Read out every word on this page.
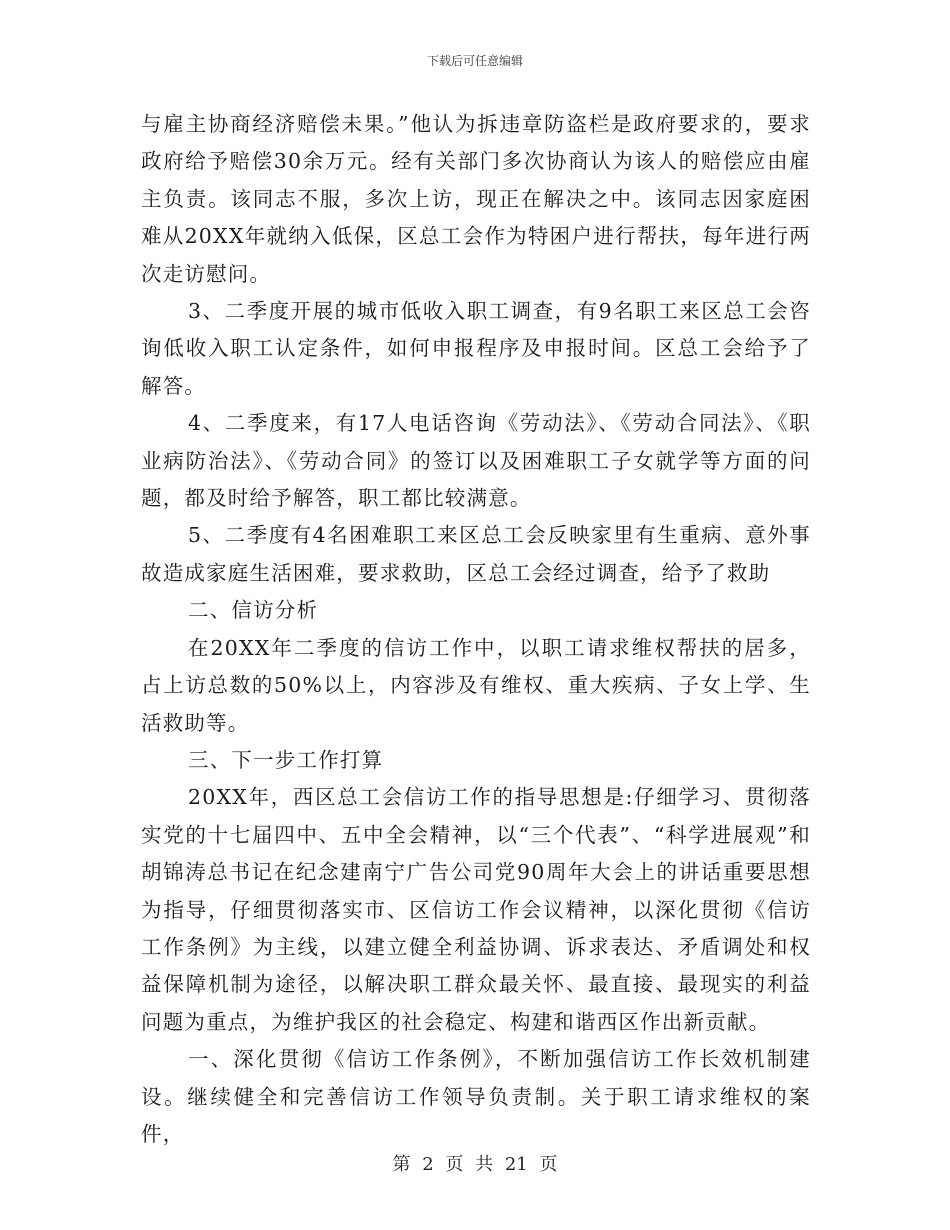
下载后可任意编辑

与雇主协商经济赔偿未果。”他认为拆违章防盗栏是政府要求的，要求政府给予赔偿30余万元。经有关部门多次协商认为该人的赔偿应由雇主负责。该同志不服，多次上访，现正在解决之中。该同志因家庭困难从20XX年就纳入低保，区总工会作为特困户进行帮扶，每年进行两次走访慰问。

3、二季度开展的城市低收入职工调查，有9名职工来区总工会咨询低收入职工认定条件，如何申报程序及申报时间。区总工会给予了解答。

4、二季度来，有17人电话咨询《劳动法》、《劳动合同法》、《职业病防治法》、《劳动合同》的签订以及困难职工子女就学等方面的问题，都及时给予解答，职工都比较满意。

5、二季度有4名困难职工来区总工会反映家里有生重病、意外事故造成家庭生活困难，要求救助，区总工会经过调查，给予了救助

二、信访分析

在20XX年二季度的信访工作中，以职工请求维权帮扶的居多，占上访总数的50%以上，内容涉及有维权、重大疾病、子女上学、生活救助等。

三、下一步工作打算

20XX年，西区总工会信访工作的指导思想是:仔细学习、贯彻落实党的十七届四中、五中全会精神，以“三个代表”、“科学进展观”和胡锦涛总书记在纪念建南宁广告公司党90周年大会上的讲话重要思想为指导，仔细贯彻落实市、区信访工作会议精神，以深化贯彻《信访工作条例》为主线，以建立健全利益协调、诉求表达、矛盾调处和权益保障机制为途径，以解决职工群众最关怀、最直接、最现实的利益问题为重点，为维护我区的社会稳定、构建和谐西区作出新贡献。

一、深化贯彻《信访工作条例》，不断加强信访工作长效机制建设。继续健全和完善信访工作领导负责制。关于职工请求维权的案件，

第 2 页 共 21 页
